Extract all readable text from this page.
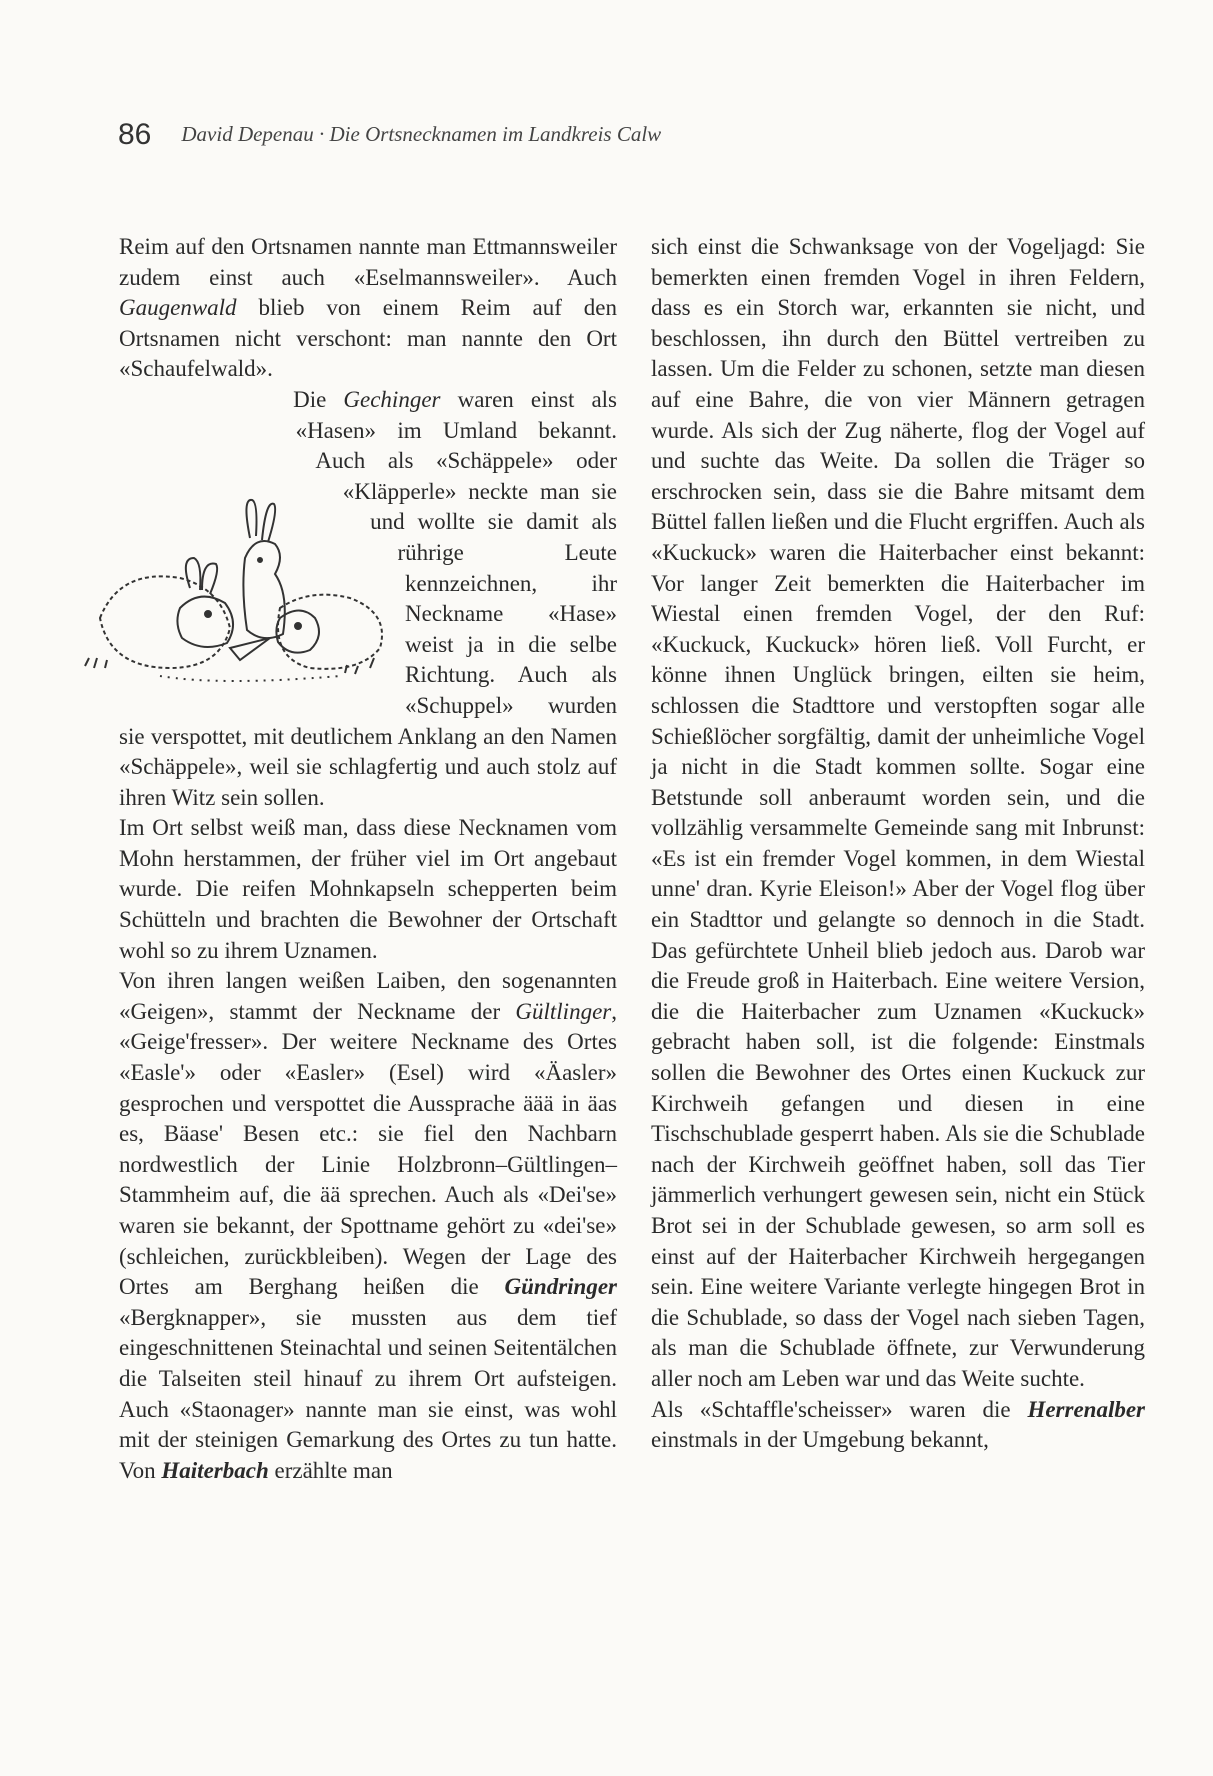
86 David Depenau · Die Ortsnecknamen im Landkreis Calw

Reim auf den Ortsnamen nannte man Ettmannsweiler zudem einst auch «Eselmannsweiler». Auch Gaugenwald blieb von einem Reim auf den Ortsnamen nicht verschont: man nannte den Ort «Schaufelwald».

Die Gechinger waren einst als «Hasen» im Umland bekannt. Auch als «Schäppele» oder «Kläpperle» neckte man sie und wollte sie damit als rührige Leute kennzeichnen, ihr Neckname «Hase» weist ja in die selbe Richtung. Auch als «Schuppel» wurden sie verspottet, mit deutlichem Anklang an den Namen «Schäppele», weil sie schlagfertig und auch stolz auf ihren Witz sein sollen.

Im Ort selbst weiß man, dass diese Necknamen vom Mohn herstammen, der früher viel im Ort angebaut wurde. Die reifen Mohnkapseln schepperten beim Schütteln und brachten die Bewohner der Ortschaft wohl so zu ihrem Uznamen.

Von ihren langen weißen Laiben, den sogenannten «Geigen», stammt der Neckname der Gültlinger, «Geige'fresser». Der weitere Neckname des Ortes «Easle'» oder «Easler» (Esel) wird «Äasler» gesprochen und verspottet die Aussprache äää in äas es, Bäase' Besen etc.: sie fiel den Nachbarn nordwestlich der Linie Holzbronn–Gültlingen–Stammheim auf, die ää sprechen. Auch als «Dei'se» waren sie bekannt, der Spottname gehört zu «dei'se» (schleichen, zurückbleiben). Wegen der Lage des Ortes am Berghang heißen die Gündringer «Bergknapper», sie mussten aus dem tief eingeschnittenen Steinachtal und seinen Seitentälchen die Talseiten steil hinauf zu ihrem Ort aufsteigen. Auch «Staonager» nannte man sie einst, was wohl mit der steinigen Gemarkung des Ortes zu tun hatte. Von Haiterbach erzählte man

sich einst die Schwanksage von der Vogeljagd: Sie bemerkten einen fremden Vogel in ihren Feldern, dass es ein Storch war, erkannten sie nicht, und beschlossen, ihn durch den Büttel vertreiben zu lassen. Um die Felder zu schonen, setzte man diesen auf eine Bahre, die von vier Männern getragen wurde. Als sich der Zug näherte, flog der Vogel auf und suchte das Weite. Da sollen die Träger so erschrocken sein, dass sie die Bahre mitsamt dem Büttel fallen ließen und die Flucht ergriffen. Auch als «Kuckuck» waren die Haiterbacher einst bekannt: Vor langer Zeit bemerkten die Haiterbacher im Wiestal einen fremden Vogel, der den Ruf: «Kuckuck, Kuckuck» hören ließ. Voll Furcht, er könne ihnen Unglück bringen, eilten sie heim, schlossen die Stadttore und verstopften sogar alle Schießlöcher sorgfältig, damit der unheimliche Vogel ja nicht in die Stadt kommen sollte. Sogar eine Betstunde soll anberaumt worden sein, und die vollzählig versammelte Gemeinde sang mit Inbrunst: «Es ist ein fremder Vogel kommen, in dem Wiestal unne' dran. Kyrie Eleison!» Aber der Vogel flog über ein Stadttor und gelangte so dennoch in die Stadt. Das gefürchtete Unheil blieb jedoch aus. Darob war die Freude groß in Haiterbach. Eine weitere Version, die die Haiterbacher zum Uznamen «Kuckuck» gebracht haben soll, ist die folgende: Einstmals sollen die Bewohner des Ortes einen Kuckuck zur Kirchweih gefangen und diesen in eine Tischschublade gesperrt haben. Als sie die Schublade nach der Kirchweih geöffnet haben, soll das Tier jämmerlich verhungert gewesen sein, nicht ein Stück Brot sei in der Schublade gewesen, so arm soll es einst auf der Haiterbacher Kirchweih hergegangen sein. Eine weitere Variante verlegte hingegen Brot in die Schublade, so dass der Vogel nach sieben Tagen, als man die Schublade öffnete, zur Verwunderung aller noch am Leben war und das Weite suchte.

Als «Schtaffle'scheisser» waren die Herrenalber einstmals in der Umgebung bekannt,
